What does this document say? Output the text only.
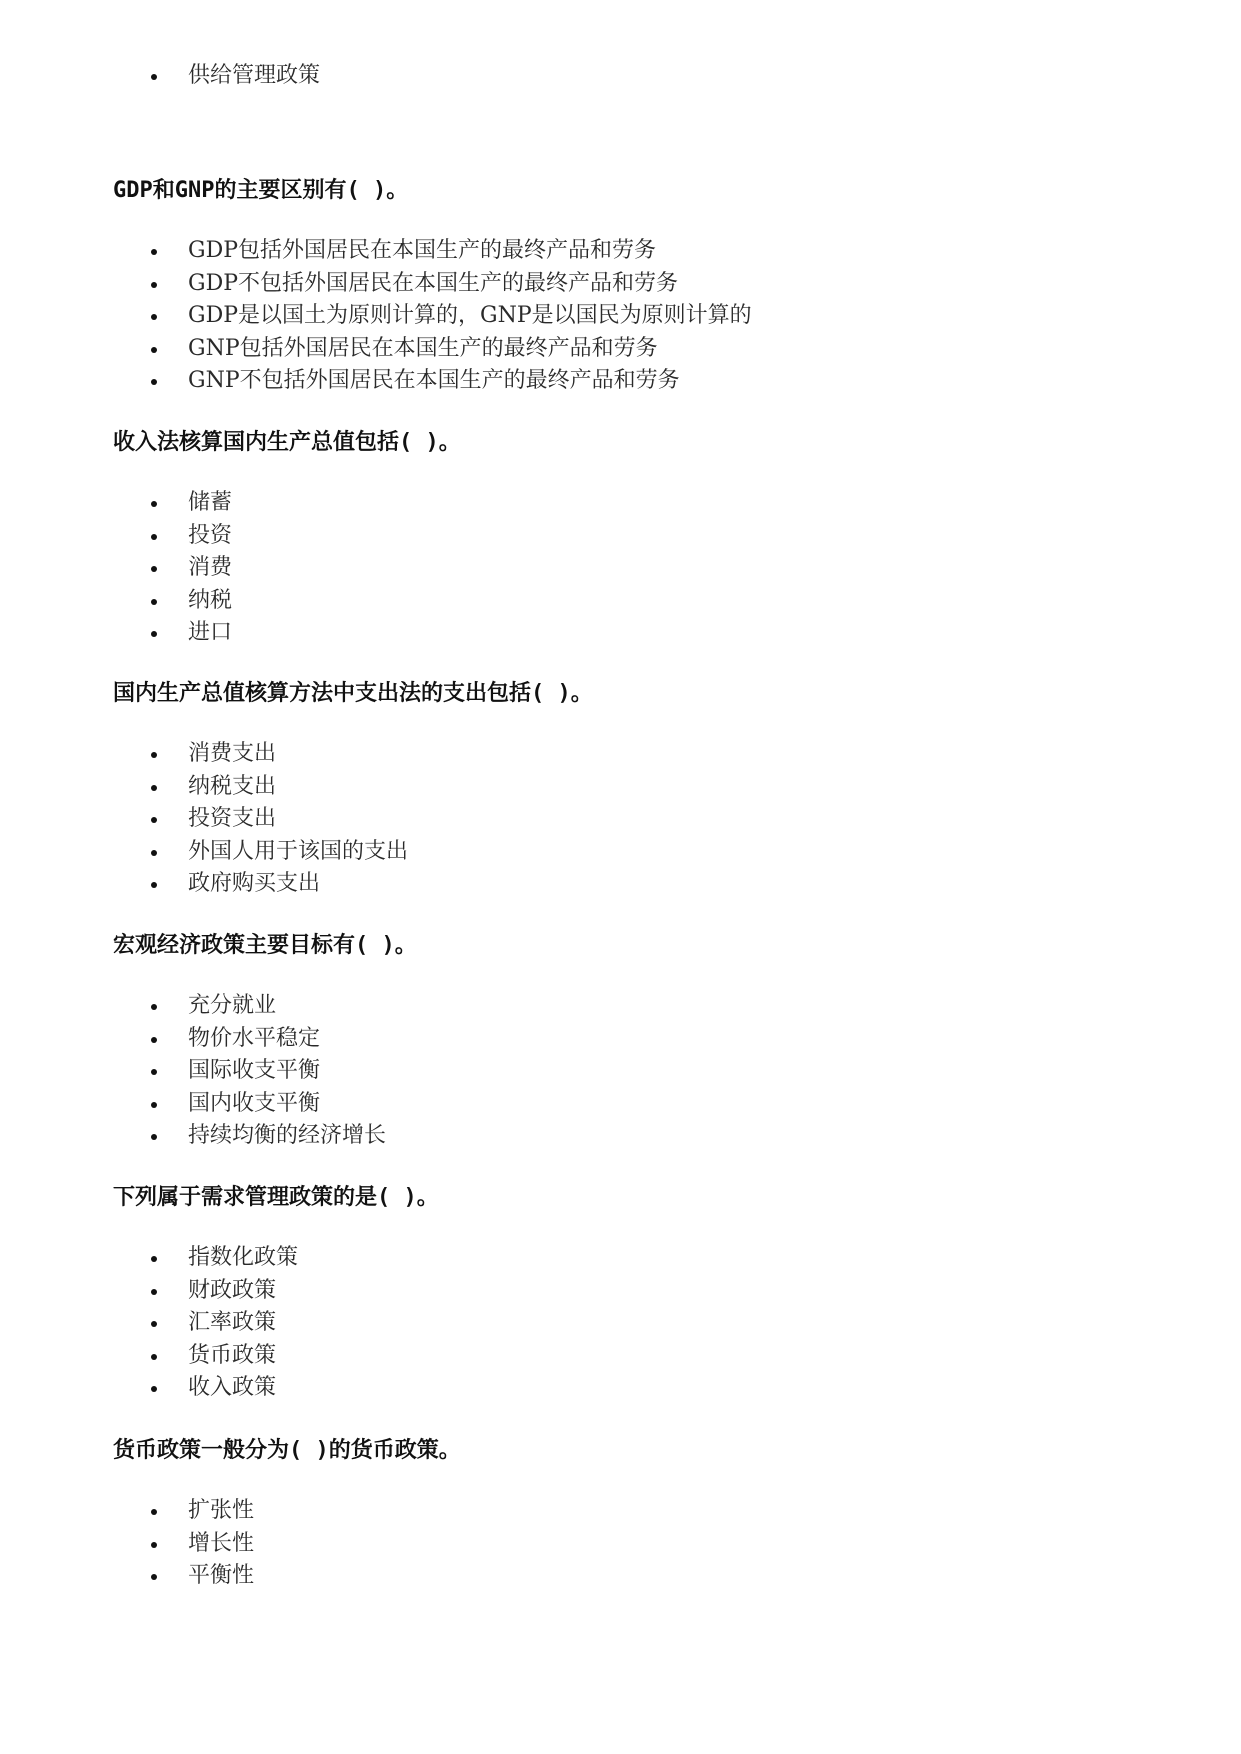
供给管理政策
GDP和GNP的主要区别有( )。
GDP包括外国居民在本国生产的最终产品和劳务
GDP不包括外国居民在本国生产的最终产品和劳务
GDP是以国土为原则计算的，GNP是以国民为原则计算的
GNP包括外国居民在本国生产的最终产品和劳务
GNP不包括外国居民在本国生产的最终产品和劳务
收入法核算国内生产总值包括( )。
储蓄
投资
消费
纳税
进口
国内生产总值核算方法中支出法的支出包括( )。
消费支出
纳税支出
投资支出
外国人用于该国的支出
政府购买支出
宏观经济政策主要目标有( )。
充分就业
物价水平稳定
国际收支平衡
国内收支平衡
持续均衡的经济增长
下列属于需求管理政策的是( )。
指数化政策
财政政策
汇率政策
货币政策
收入政策
货币政策一般分为( )的货币政策。
扩张性
增长性
平衡性
